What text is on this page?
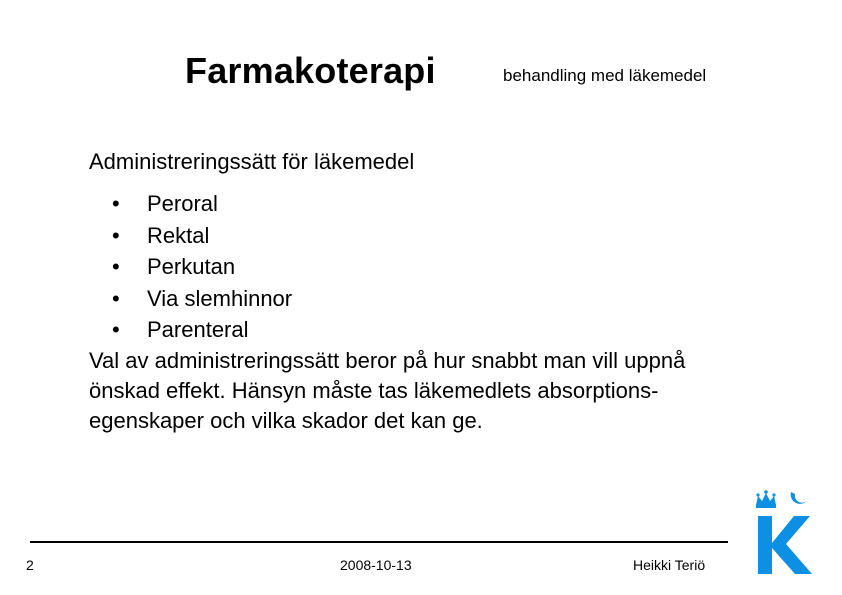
Farmakoterapi	behandling med läkemedel
Administreringssätt för läkemedel
• Peroral
• Rektal
• Perkutan
• Via slemhinnor
• Parenteral
Val av administreringssätt beror på hur snabbt man vill uppnå
önskad effekt. Hänsyn måste tas läkemedlets absorptions-
egenskaper och vilka skador det kan ge.
2	2008-10-13	Heikki Teriö
